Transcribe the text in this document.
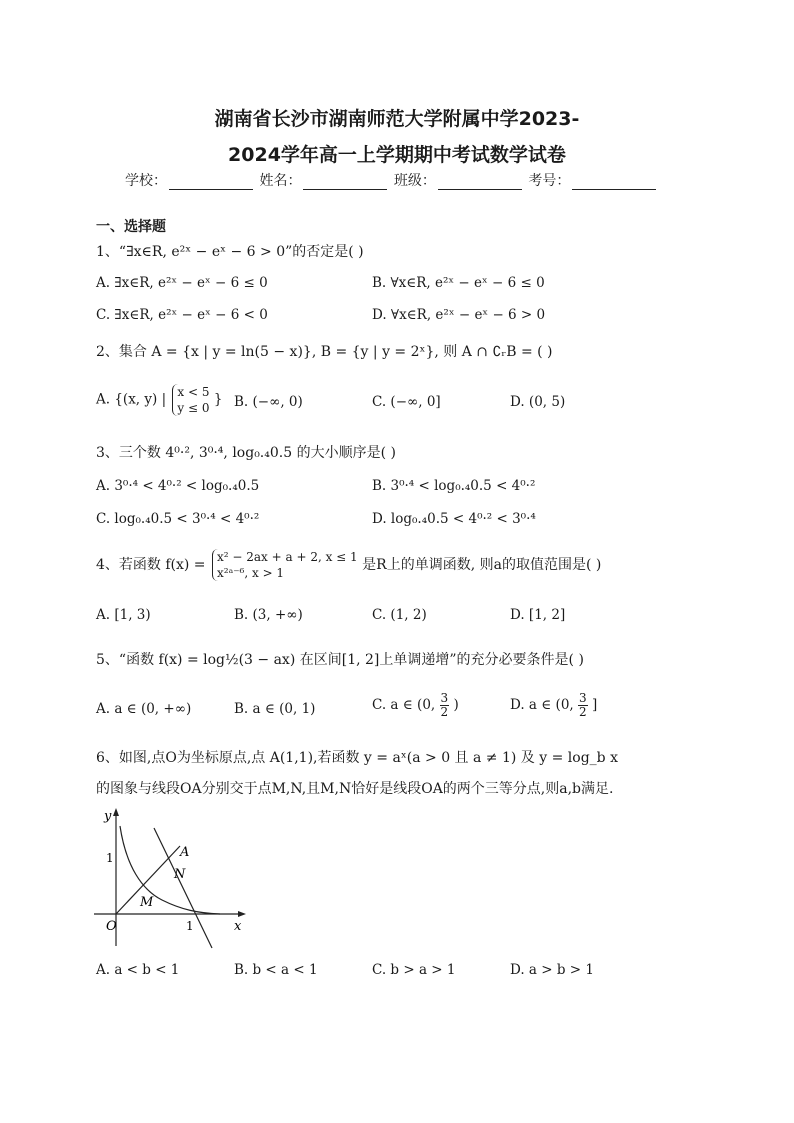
湖南省长沙市湖南师范大学附属中学2023-
2024学年高一上学期期中考试数学试卷
学校：	姓名：	班级：	考号：
一、选择题
1、“∃x∈R, e²ˣ − eˣ − 6 > 0”的否定是( )
A. ∃x∈R, e²ˣ − eˣ − 6 ≤ 0	B. ∀x∈R, e²ˣ − eˣ − 6 ≤ 0
C. ∃x∈R, e²ˣ − eˣ − 6 < 0	D. ∀x∈R, e²ˣ − eˣ − 6 > 0
2、集合 A = {x | y = ln(5 − x)}, B = {y | y = 2ˣ}, 则 A ∩ ∁ᵣB = ( )
A. {(x, y) | x < 5
y ≤ 0
} B. (−∞, 0)	C. (−∞, 0]	D. (0, 5)
3、三个数 4⁰·², 3⁰·⁴, log₀.₄0.5 的大小顺序是( )
A. 3⁰·⁴ < 4⁰·² < log₀.₄0.5	B. 3⁰·⁴ < log₀.₄0.5 < 4⁰·²
C. log₀.₄0.5 < 3⁰·⁴ < 4⁰·²	D. log₀.₄0.5 < 4⁰·² < 3⁰·⁴
4、若函数 f(x) = x² − 2ax + a + 2, x ≤ 1
x²ᵃ⁻⁶, x > 1	是R上的单调函数, 则a的取值范围是( )
A. [1, 3)	B. (3, +∞)	C. (1, 2)	D. [1, 2]
5、“函数 f(x) = log½(3 − ax) 在区间[1, 2]上单调递增”的充分必要条件是( )
A. a ∈ (0, +∞)	B. a ∈ (0, 1)	C. a ∈ (0, $\frac{3}{2}$ )	D. a ∈ (0, $\frac{3}{2}$ ]
6、如图,点O为坐标原点,点 A(1,1),若函数 y = aˣ(a > 0 且 a ≠ 1) 及 y = log_b x
的图象与线段OA分别交于点M,N,且M,N恰好是线段OA的两个三等分点,则a,b满足.
y
x
O
1
1
A
N
M
A. a < b < 1	B. b < a < 1	C. b > a > 1	D. a > b > 1
